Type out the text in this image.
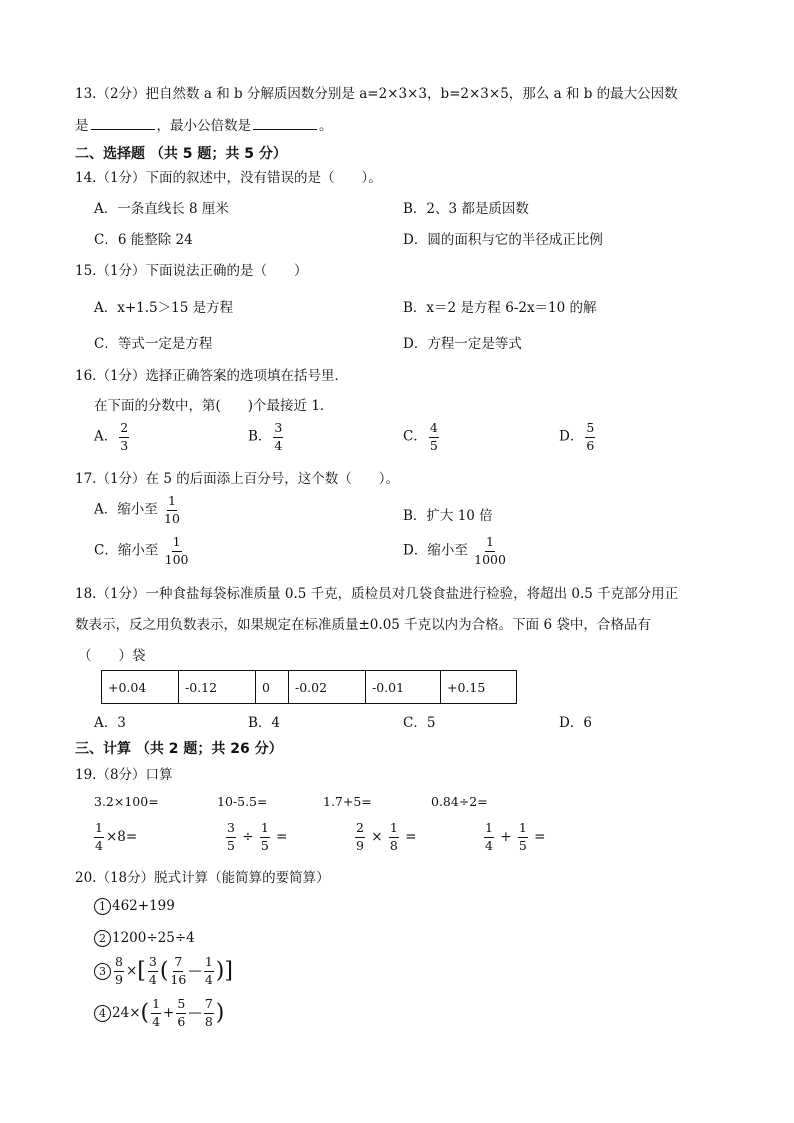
13.（2分）把自然数 a 和 b 分解质因数分别是 a=2×3×3，b=2×3×5，那么 a 和 b 的最大公因数
是	，最小公倍数是	。
二、选择题 （共 5 题；共 5 分）
14.（1分）下面的叙述中，没有错误的是（　　）。
A．一条直线长 8 厘米	B．2、3 都是质因数
C．6 能整除 24	D．圆的面积与它的半径成正比例
15.（1分）下面说法正确的是（　　）
A．x+1.5＞15 是方程	B．x＝2 是方程 6-2x＝10 的解
C．等式一定是方程	D．方程一定是等式
16.（1分）选择正确答案的选项填在括号里．
在下面的分数中，第(　　)个最接近 1．
A． $\frac{2}{3}$	B． $\frac{3}{4}$	C． $\frac{4}{5}$	D． $\frac{5}{6}$
17.（1分）在 5 的后面添上百分号，这个数（　　）。
A．缩小至 $\frac{1}{10}$	B．扩大 10 倍
C．缩小至 $\frac{1}{100}$	D．缩小至 $\frac{1}{1000}$
18.（1分）一种食盐每袋标准质量 0.5 千克，质检员对几袋食盐进行检验，将超出 0.5 千克部分用正
数表示，反之用负数表示，如果规定在标准质量±0.05 千克以内为合格。下面 6 袋中，合格品有
（　　）袋
+0.04	-0.12	0	-0.02	-0.01	+0.15
A．3	B．4	C．5	D．6
三、计算 （共 2 题；共 26 分）
19.（8分）口算
3.2×100=	10-5.5=	1.7+5=	0.84÷2=
$\frac{1}{4} \times 8=$	$\frac{3}{5} \div \frac{1}{5}$ =	$\frac{2}{9} \times \frac{1}{8}$ =	$\frac{1}{4} + \frac{1}{5}$ =
20.（18分）脱式计算（能简算的要简算）
1 462+199
2 1200÷25÷4
$3 \frac{8}{9}$ ×[ $\frac{3}{4}$ ( $\frac{7}{16}$ — $\frac{1}{4}$ )]
4 $24\times( \frac{1}{4} + \frac{5}{6}$ — $\frac{7}{8}$ )
